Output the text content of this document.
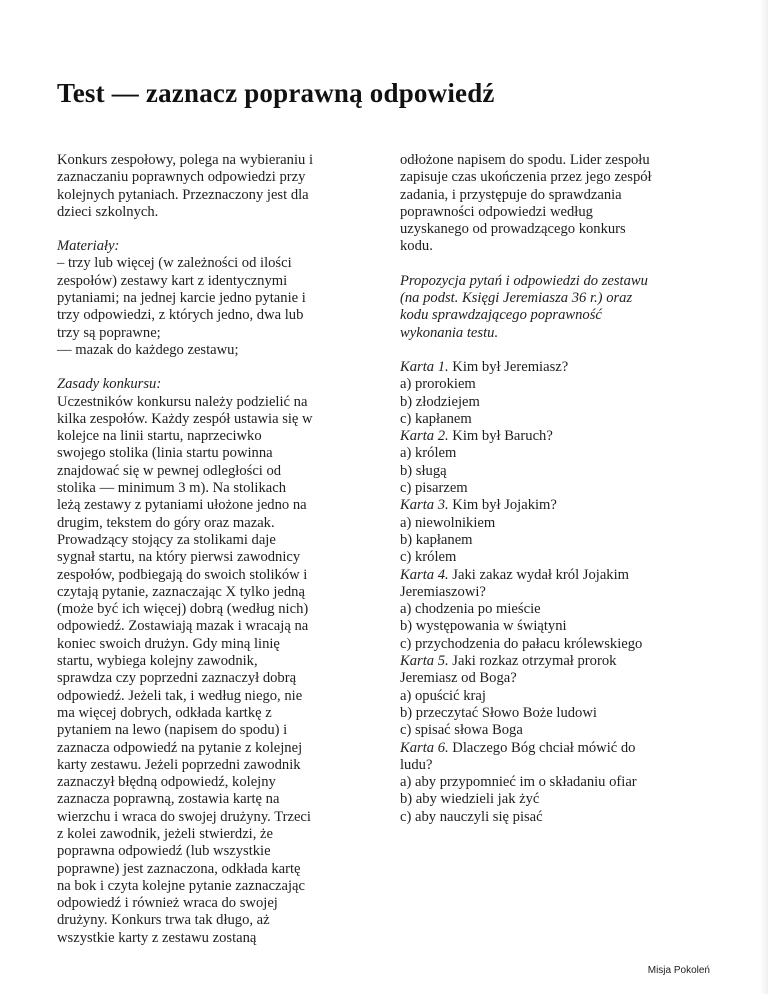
Test — zaznacz poprawną odpowiedź
Konkurs zespołowy, polega na wybieraniu i
zaznaczaniu poprawnych odpowiedzi przy
kolejnych pytaniach. Przeznaczony jest dla
dzieci szkolnych.
Materiały:
– trzy lub więcej (w zależności od ilości
zespołów) zestawy kart z identycznymi
pytaniami; na jednej karcie jedno pytanie i
trzy odpowiedzi, z których jedno, dwa lub
trzy są poprawne;
— mazak do każdego zestawu;
Zasady konkursu:
Uczestników konkursu należy podzielić na
kilka zespołów. Każdy zespół ustawia się w
kolejce na linii startu, naprzeciwko
swojego stolika (linia startu powinna
znajdować się w pewnej odległości od
stolika — minimum 3 m). Na stolikach
leżą zestawy z pytaniami ułożone jedno na
drugim, tekstem do góry oraz mazak.
Prowadzący stojący za stolikami daje
sygnał startu, na który pierwsi zawodnicy
zespołów, podbiegają do swoich stolików i
czytają pytanie, zaznaczając X tylko jedną
(może być ich więcej) dobrą (według nich)
odpowiedź. Zostawiają mazak i wracają na
koniec swoich drużyn. Gdy miną linię
startu, wybiega kolejny zawodnik,
sprawdza czy poprzedni zaznaczył dobrą
odpowiedź. Jeżeli tak, i według niego, nie
ma więcej dobrych, odkłada kartkę z
pytaniem na lewo (napisem do spodu) i
zaznacza odpowiedź na pytanie z kolejnej
karty zestawu. Jeżeli poprzedni zawodnik
zaznaczył błędną odpowiedź, kolejny
zaznacza poprawną, zostawia kartę na
wierzchu i wraca do swojej drużyny. Trzeci
z kolei zawodnik, jeżeli stwierdzi, że
poprawna odpowiedź (lub wszystkie
poprawne) jest zaznaczona, odkłada kartę
na bok i czyta kolejne pytanie zaznaczając
odpowiedź i również wraca do swojej
drużyny. Konkurs trwa tak długo, aż
wszystkie karty z zestawu zostaną
odłożone napisem do spodu. Lider zespołu
zapisuje czas ukończenia przez jego zespół
zadania, i przystępuje do sprawdzania
poprawności odpowiedzi według
uzyskanego od prowadzącego konkurs
kodu.
Propozycja pytań i odpowiedzi do zestawu
(na podst. Księgi Jeremiasza 36 r.) oraz
kodu sprawdzającego poprawność
wykonania testu.
Karta 1. Kim był Jeremiasz?
a) prorokiem
b) złodziejem
c) kapłanem
Karta 2. Kim był Baruch?
a) królem
b) sługą
c) pisarzem
Karta 3. Kim był Jojakim?
a) niewolnikiem
b) kapłanem
c) królem
Karta 4. Jaki zakaz wydał król Jojakim
Jeremiaszowi?
a) chodzenia po mieście
b) występowania w świątyni
c) przychodzenia do pałacu królewskiego
Karta 5. Jaki rozkaz otrzymał prorok
Jeremiasz od Boga?
a) opuścić kraj
b) przeczytać Słowo Boże ludowi
c) spisać słowa Boga
Karta 6. Dlaczego Bóg chciał mówić do
ludu?
a) aby przypomnieć im o składaniu ofiar
b) aby wiedzieli jak żyć
c) aby nauczyli się pisać
Misja Pokoleń
